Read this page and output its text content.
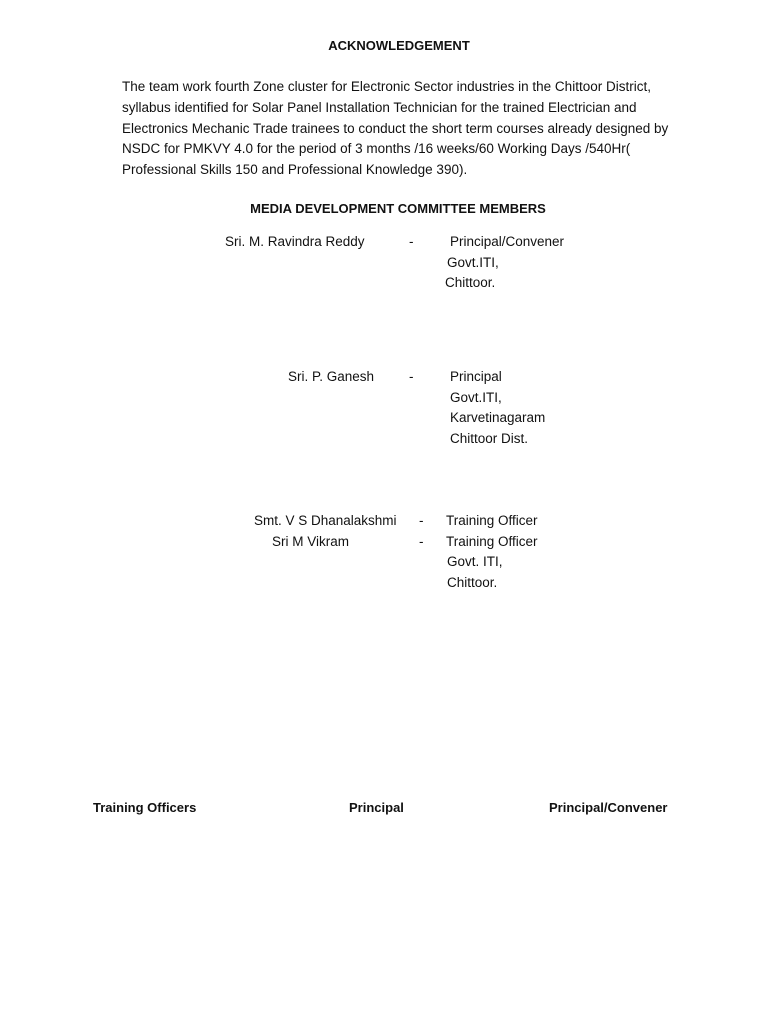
ACKNOWLEDGEMENT
The team work fourth Zone cluster for Electronic Sector industries in the Chittoor District, syllabus identified for Solar Panel Installation Technician for the trained Electrician and Electronics Mechanic Trade trainees to conduct the short term courses already designed by NSDC for PMKVY 4.0 for the period of 3 months /16 weeks/60 Working Days /540Hr( Professional Skills 150 and Professional Knowledge 390).
MEDIA DEVELOPMENT COMMITTEE MEMBERS
Sri. M. Ravindra Reddy	-	Principal/Convener
Govt.ITI,
Chittoor.
Sri. P. Ganesh	-	Principal
Govt.ITI,
Karvetinagaram
Chittoor Dist.
Smt. V S Dhanalakshmi - Training Officer
Sri M Vikram	- Training Officer
Govt. ITI,
Chittoor.
Training Officers	Principal	Principal/Convener
